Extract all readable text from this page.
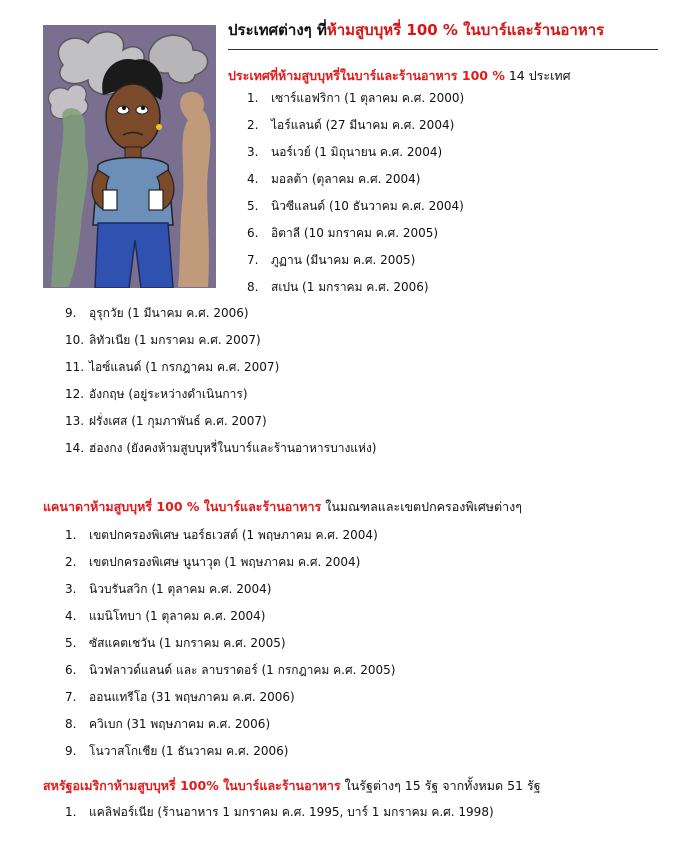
ประเทศต่างๆ ที่ห้ามสูบบุหรี่ 100 % ในบาร์และร้านอาหาร
ประเทศที่ห้ามสูบบุหรี่ในบาร์และร้านอาหาร 100 % 14 ประเทศ
1. เซาร์แอฟริกา (1 ตุลาคม ค.ศ. 2000)
2. ไอร์แลนด์ (27 มีนาคม ค.ศ. 2004)
3. นอร์เวย์ (1 มิถุนายน ค.ศ. 2004)
4. มอลต้า (ตุลาคม ค.ศ. 2004)
5. นิวซีแลนด์ (10 ธันวาคม ค.ศ. 2004)
6. อิตาลี (10 มกราคม ค.ศ. 2005)
7. ภูฏาน (มีนาคม ค.ศ. 2005)
8. สเปน (1 มกราคม ค.ศ. 2006)
9. อุรุกวัย (1 มีนาคม ค.ศ. 2006)
10. ลิทัวเนีย (1 มกราคม ค.ศ. 2007)
11. ไอซ์แลนด์ (1 กรกฎาคม ค.ศ. 2007)
12. อังกฤษ (อยู่ระหว่างดำเนินการ)
13. ฝรั่งเศส (1 กุมภาพันธ์ ค.ศ. 2007)
14. ฮ่องกง (ยังคงห้ามสูบบุหรี่ในบาร์และร้านอาหารบางแห่ง)
แคนาดาห้ามสูบบุหรี่ 100 % ในบาร์และร้านอาหาร ในมณฑลและเขตปกครองพิเศษต่างๆ
1. เขตปกครองพิเศษ นอร์ธเวสต์ (1 พฤษภาคม ค.ศ. 2004)
2. เขตปกครองพิเศษ นูนาวุต (1 พฤษภาคม ค.ศ. 2004)
3. นิวบรันสวิก (1 ตุลาคม ค.ศ. 2004)
4. แมนิโทบา (1 ตุลาคม ค.ศ. 2004)
5. ซัสแคตเชวัน (1 มกราคม ค.ศ. 2005)
6. นิวฟลาวด์แลนด์ และ ลาบราดอร์ (1 กรกฎาคม ค.ศ. 2005)
7. ออนแทรีโอ (31 พฤษภาคม ค.ศ. 2006)
8. ควิเบก (31 พฤษภาคม ค.ศ. 2006)
9. โนวาสโกเชีย (1 ธันวาคม ค.ศ. 2006)
สหรัฐอเมริกาห้ามสูบบุหรี่ 100% ในบาร์และร้านอาหาร ในรัฐต่างๆ 15 รัฐ จากทั้งหมด 51 รัฐ
1. แคลิฟอร์เนีย (ร้านอาหาร 1 มกราคม ค.ศ. 1995, บาร์ 1 มกราคม ค.ศ. 1998)
